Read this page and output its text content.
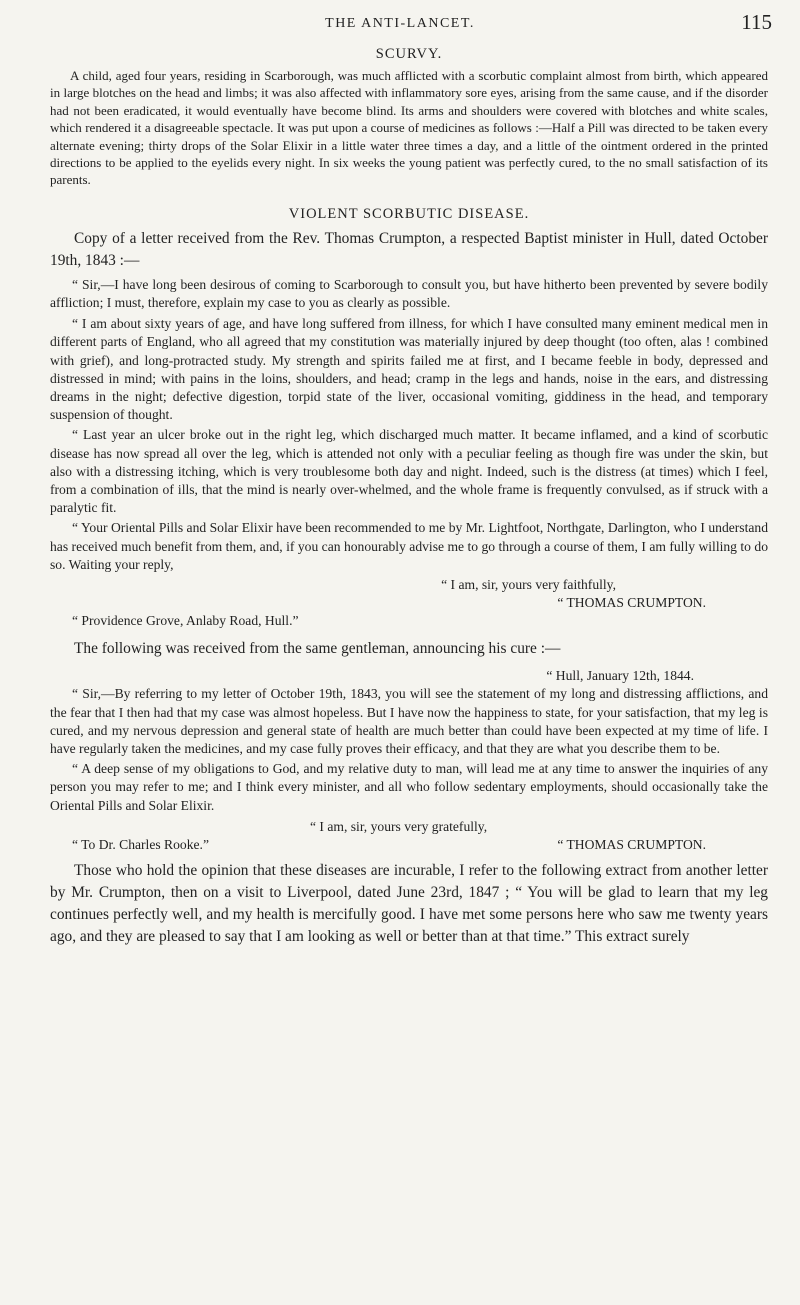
THE ANTI-LANCET.	115
SCURVY.

A child, aged four years, residing in Scarborough, was much afflicted with a scorbutic complaint almost from birth, which appeared in large blotches on the head and limbs; it was also affected with inflammatory sore eyes, arising from the same cause, and if the disorder had not been eradicated, it would eventually have become blind. Its arms and shoulders were covered with blotches and white scales, which rendered it a disagreeable spectacle. It was put upon a course of medicines as follows :—Half a Pill was directed to be taken every alternate evening; thirty drops of the Solar Elixir in a little water three times a day, and a little of the ointment ordered in the printed directions to be applied to the eyelids every night. In six weeks the young patient was perfectly cured, to the no small satisfaction of its parents.

VIOLENT SCORBUTIC DISEASE.

Copy of a letter received from the Rev. Thomas Crumpton, a respected Baptist minister in Hull, dated October 19th, 1843 :—

“ Sir,—I have long been desirous of coming to Scarborough to consult you, but have hitherto been prevented by severe bodily affliction; I must, therefore, explain my case to you as clearly as possible.

“ I am about sixty years of age, and have long suffered from illness, for which I have consulted many eminent medical men in different parts of England, who all agreed that my constitution was materially injured by deep thought (too often, alas ! combined with grief), and long-protracted study. My strength and spirits failed me at first, and I became feeble in body, depressed and distressed in mind; with pains in the loins, shoulders, and head; cramp in the legs and hands, noise in the ears, and distressing dreams in the night; defective digestion, torpid state of the liver, occasional vomiting, giddiness in the head, and temporary suspension of thought.

“ Last year an ulcer broke out in the right leg, which discharged much matter. It became inflamed, and a kind of scorbutic disease has now spread all over the leg, which is attended not only with a peculiar feeling as though fire was under the skin, but also with a distressing itching, which is very troublesome both day and night. Indeed, such is the distress (at times) which I feel, from a combination of ills, that the mind is nearly over-whelmed, and the whole frame is frequently convulsed, as if struck with a paralytic fit.

“ Your Oriental Pills and Solar Elixir have been recommended to me by Mr. Lightfoot, Northgate, Darlington, who I understand has received much benefit from them, and, if you can honourably advise me to go through a course of them, I am fully willing to do so. Waiting your reply,

“ I am, sir, yours very faithfully,
“ THOMAS CRUMPTON.

“ Providence Grove, Anlaby Road, Hull.”

The following was received from the same gentleman, announcing his cure :—

“ Hull, January 12th, 1844.

“ Sir,—By referring to my letter of October 19th, 1843, you will see the statement of my long and distressing afflictions, and the fear that I then had that my case was almost hopeless. But I have now the happiness to state, for your satisfaction, that my leg is cured, and my nervous depression and general state of health are much better than could have been expected at my time of life. I have regularly taken the medicines, and my case fully proves their efficacy, and that they are what you describe them to be.

“ A deep sense of my obligations to God, and my relative duty to man, will lead me at any time to answer the inquiries of any person you may refer to me; and I think every minister, and all who follow sedentary employments, should occasionally take the Oriental Pills and Solar Elixir.

“ I am, sir, yours very gratefully,
“ To Dr. Charles Rooke.”	“ THOMAS CRUMPTON.

Those who hold the opinion that these diseases are incurable, I refer to the following extract from another letter by Mr. Crumpton, then on a visit to Liverpool, dated June 23rd, 1847 ; “ You will be glad to learn that my leg continues perfectly well, and my health is mercifully good. I have met some persons here who saw me twenty years ago, and they are pleased to say that I am looking as well or better than at that time.” This extract surely
